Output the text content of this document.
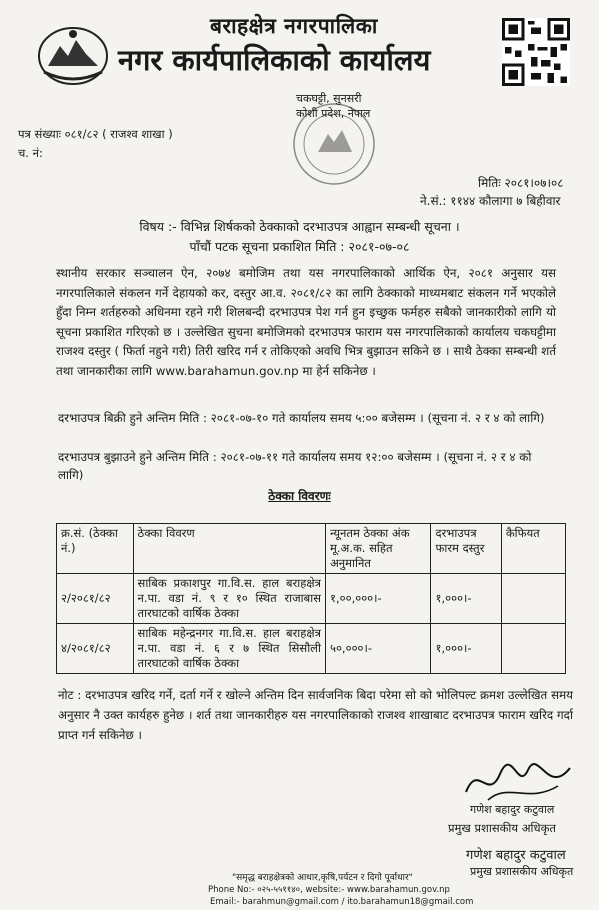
बराहक्षेत्र नगरपालिका
नगर कार्यपालिकाको कार्यालय
चकघट्टी, सुनसरी
कोशी प्रदेश, नेपाल
पत्र संख्याः ०८१/८२ ( राजश्व शाखा )
च. नं:
मितिः २०८१।०७।०८
ने.सं.: ११४४ कौलागा ७ बिहीवार
विषय :- विभिन्न शिर्षकको ठेक्काको दरभाउपत्र आह्वान सम्बन्धी सूचना ।
पाँचौं पटक सूचना प्रकाशित मिति : २०८१-०७-०८
स्थानीय सरकार सञ्चालन ऐन, २०७४ बमोजिम तथा यस नगरपालिकाको आर्थिक ऐन, २०८१ अनुसार यस नगरपालिकाले संकलन गर्ने देहायको कर, दस्तुर आ.व. २०८१/८२ का लागि ठेक्काको माध्यमबाट संकलन गर्ने भएकोले हुँदा निम्न शर्तहरुको अधिनमा रहने गरी शिलबन्दी दरभाउपत्र पेश गर्न हुन इच्छुक फर्महरु सबैको जानकारीको लागि यो सूचना प्रकाशित गरिएको छ । उल्लेखित सुचना बमोजिमको दरभाउपत्र फाराम यस नगरपालिकाको कार्यालय चकघट्टीमा राजश्व दस्तुर ( फिर्ता नहुने गरी) तिरी खरिद गर्न र तोकिएको अवधि भित्र बुझाउन सकिने छ । साथै ठेक्का सम्बन्धी शर्त तथा जानकारीका लागि www.barahamun.gov.np मा हेर्न सकिनेछ ।
दरभाउपत्र बिक्री हुने अन्तिम मिति : २०८१-०७-१० गते कार्यालय समय ५:०० बजेसम्म । (सूचना नं. २ र ४ को लागि)
दरभाउपत्र बुझाउने हुने अन्तिम मिति : २०८१-०७-११ गते कार्यालय समय १२:०० बजेसम्म । (सूचना नं. २ र ४ को लागि)
ठेक्का विवरणः
क्र.सं. (ठेक्का नं.)	ठेक्का विवरण	न्यूनतम ठेक्का अंक मू.अ.क. सहित अनुमानित	दरभाउपत्र फारम दस्तुर	कैफियत
२/२०८१/८२	साबिक प्रकाशपुर गा.वि.स. हाल बराहक्षेत्र न.पा. वडा नं. ९ र १० स्थित राजाबास तारघाटको वार्षिक ठेक्का	१,००,०००।-	१,०००।-	
४/२०८१/८२	साबिक महेन्द्रनगर गा.वि.स. हाल बराहक्षेत्र न.पा. वडा नं. ६ र ७ स्थित सिसौली तारघाटको वार्षिक ठेक्का	५०,०००।-	१,०००।-	
नोट : दरभाउपत्र खरिद गर्ने, दर्ता गर्ने र खोल्ने अन्तिम दिन सार्वजनिक बिदा परेमा सो को भोलिपल्ट क्रमश उल्लेखित समय अनुसार नै उक्त कार्यहरु हुनेछ । शर्त तथा जानकारीहरु यस नगरपालिकाको राजश्व शाखाबाट दरभाउपत्र फाराम खरिद गर्दा प्राप्त गर्न सकिनेछ ।
गणेश बहादुर कटुवाल
प्रमुख प्रशासकीय अधिकृत
गणेश बहादुर कटुवाल
प्रमुख प्रशासकीय अधिकृत
"समृद्ध बराहक्षेत्रको आधार,कृषि,पर्यटन र दिगो पूर्वाधार"
Phone No:- ०२५-५५११४०, website:- www.barahamun.gov.np
Email:- barahmun@gmail.com / ito.barahamun18@gmail.com
